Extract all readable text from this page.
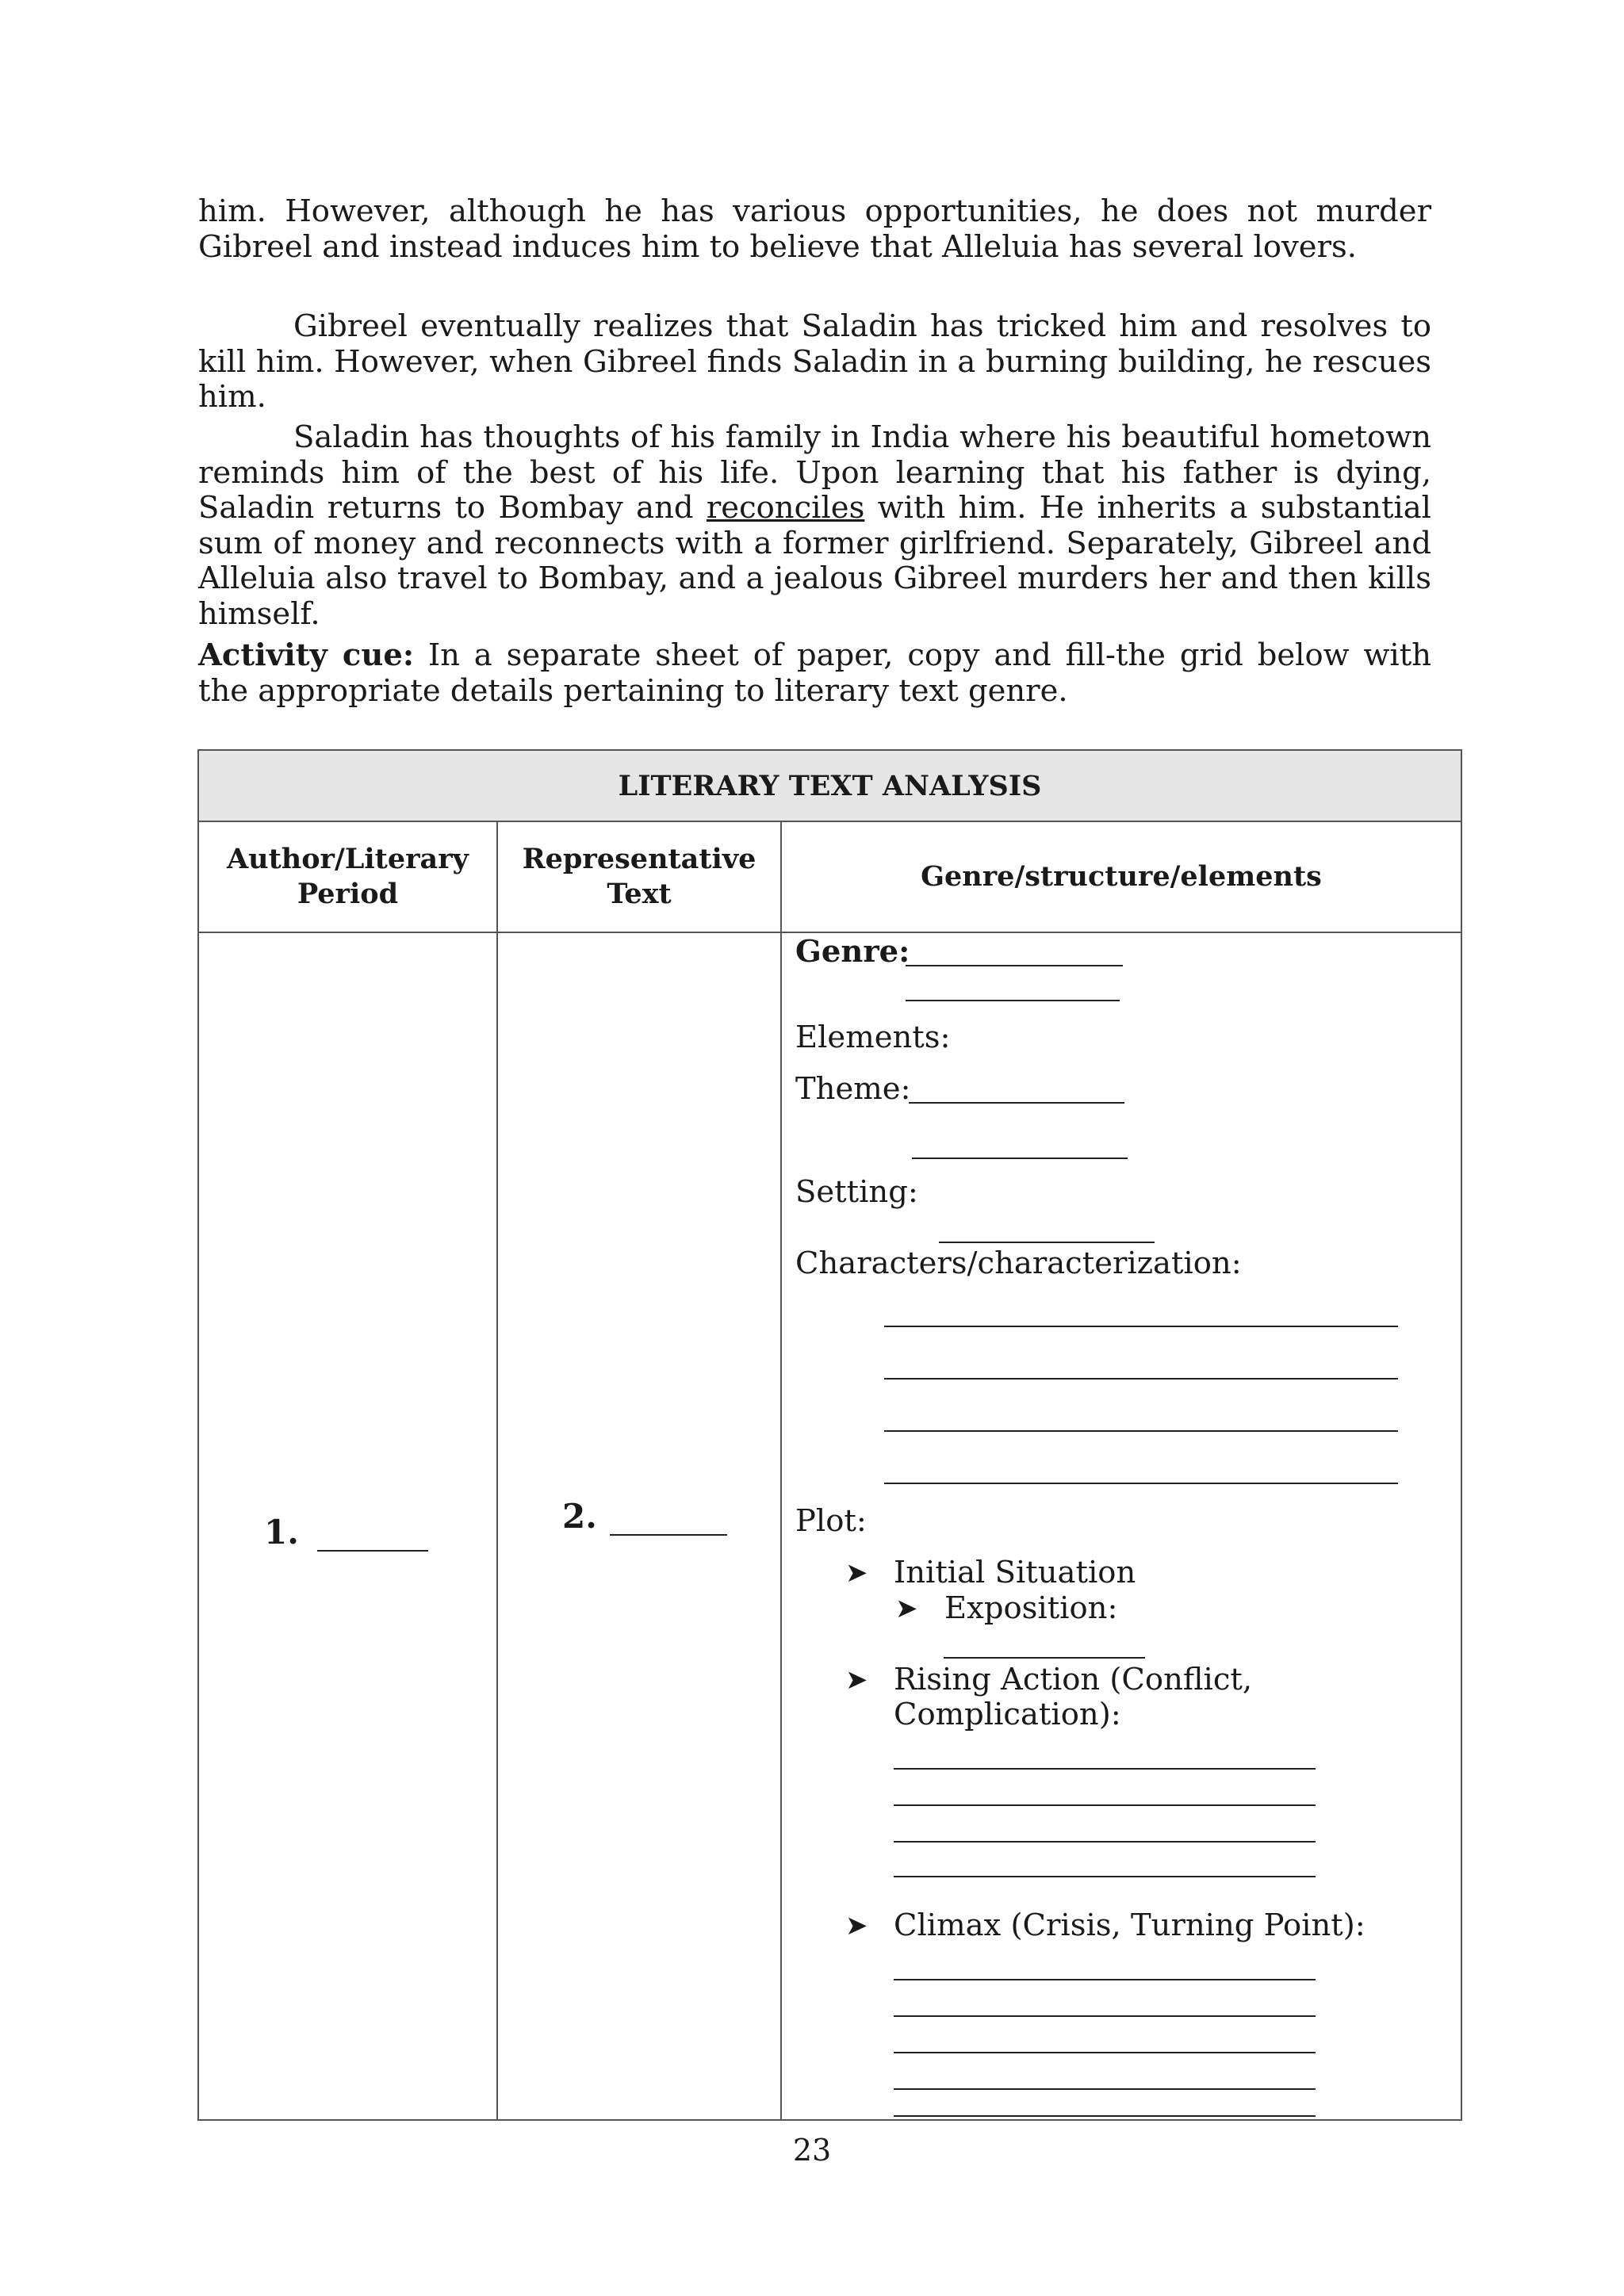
him. However, although he has various opportunities, he does not murder Gibreel and instead induces him to believe that Alleluia has several lovers.

Gibreel eventually realizes that Saladin has tricked him and resolves to kill him. However, when Gibreel finds Saladin in a burning building, he rescues him.

Saladin has thoughts of his family in India where his beautiful hometown reminds him of the best of his life. Upon learning that his father is dying, Saladin returns to Bombay and reconciles with him. He inherits a substantial sum of money and reconnects with a former girlfriend. Separately, Gibreel and Alleluia also travel to Bombay, and a jealous Gibreel murders her and then kills himself.

Activity cue: In a separate sheet of paper, copy and fill-the grid below with the appropriate details pertaining to literary text genre.

LITERARY TEXT ANALYSIS
Author/Literary
Period
Representative
Text
Genre/structure/elements
1.	2.
Genre:
Elements:
Theme:
Setting:
Characters/characterization:
Plot:
➤ Initial Situation
➤ Exposition:
➤ Rising Action (Conflict,
Complication):
➤ Climax (Crisis, Turning Point):
23
